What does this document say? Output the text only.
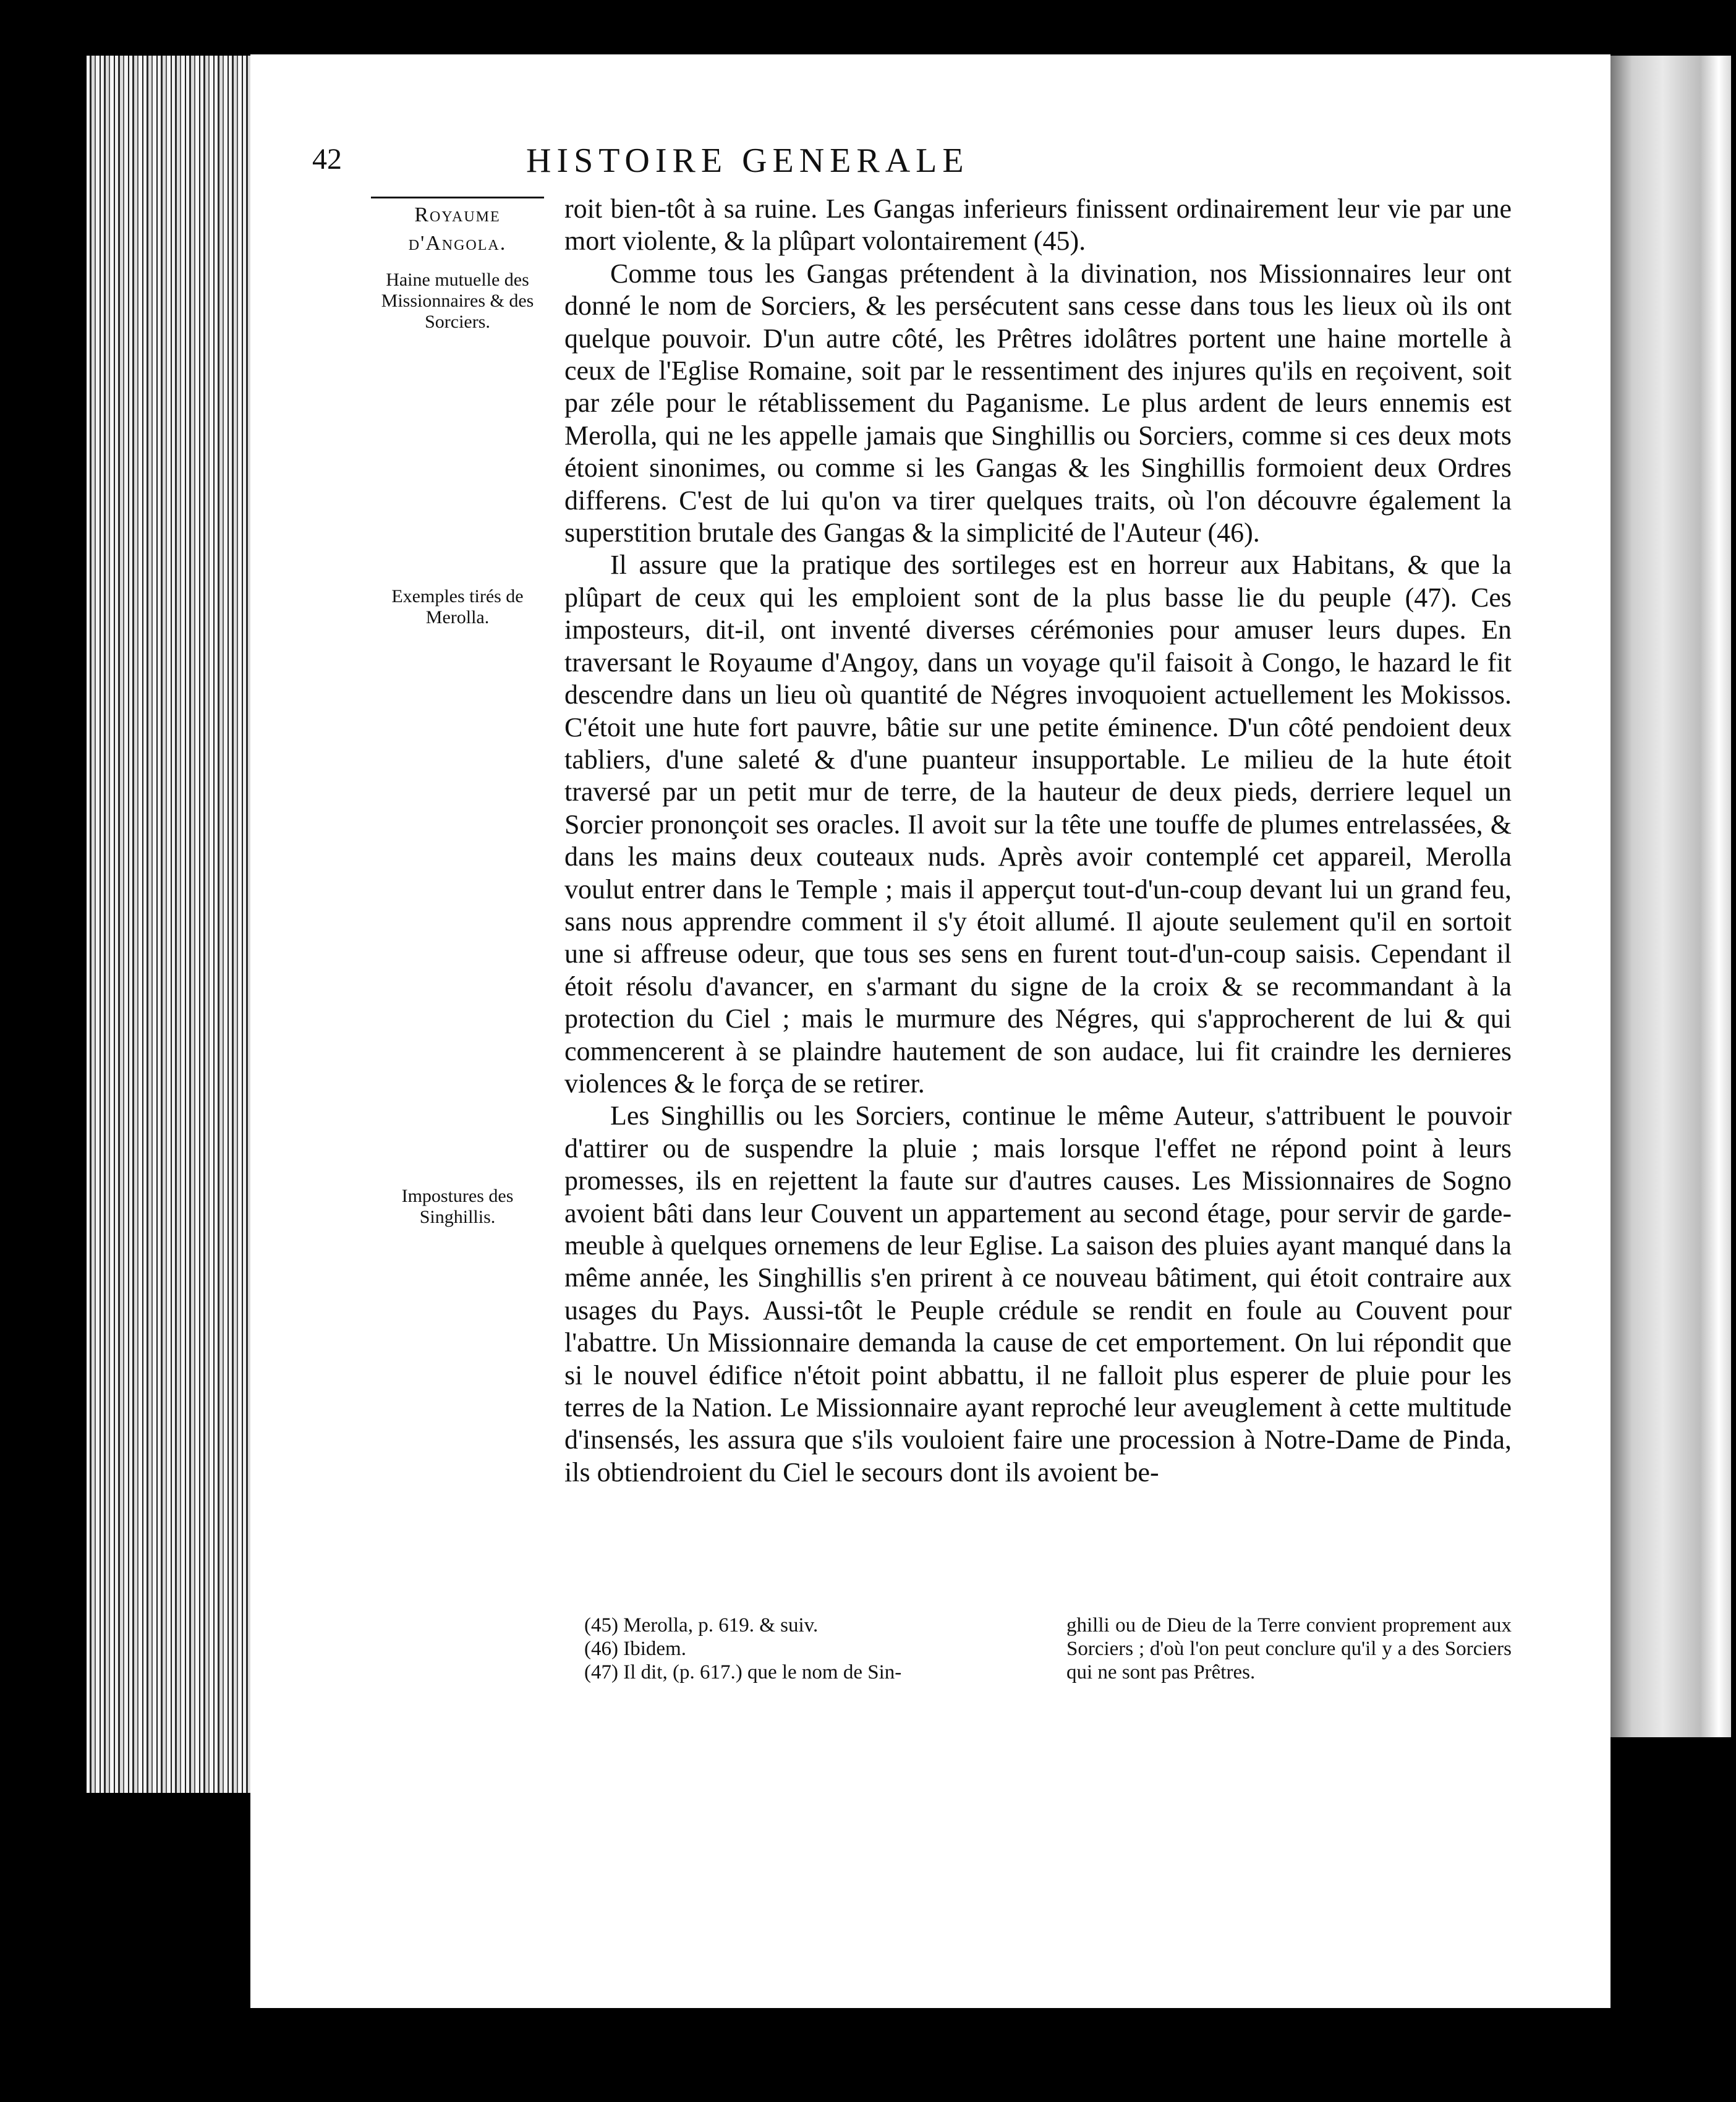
42	HISTOIRE GENERALE
Royaume d'Angola.
Haine mutuelle des Missionnaires & des Sorciers.
Exemples tirés de Merolla.
Impostures des Singhillis.

roit bien-tôt à sa ruine. Les Gangas inferieurs finissent ordinairement leur vie par une mort violente, & la plûpart volontairement (45).

Comme tous les Gangas prétendent à la divination, nos Missionnaires leur ont donné le nom de Sorciers, & les persécutent sans cesse dans tous les lieux où ils ont quelque pouvoir. D'un autre côté, les Prêtres idolâtres portent une haine mortelle à ceux de l'Eglise Romaine, soit par le ressentiment des injures qu'ils en reçoivent, soit par zéle pour le rétablissement du Paganisme. Le plus ardent de leurs ennemis est Merolla, qui ne les appelle jamais que Singhillis ou Sorciers, comme si ces deux mots étoient sinonimes, ou comme si les Gangas & les Singhillis formoient deux Ordres differens. C'est de lui qu'on va tirer quelques traits, où l'on découvre également la superstition brutale des Gangas & la simplicité de l'Auteur (46).

Il assure que la pratique des sortileges est en horreur aux Habitans, & que la plûpart de ceux qui les emploient sont de la plus basse lie du peuple (47). Ces imposteurs, dit-il, ont inventé diverses cérémonies pour amuser leurs dupes. En traversant le Royaume d'Angoy, dans un voyage qu'il faisoit à Congo, le hazard le fit descendre dans un lieu où quantité de Négres invoquoient actuellement les Mokissos. C'étoit une hute fort pauvre, bâtie sur une petite éminence. D'un côté pendoient deux tabliers, d'une saleté & d'une puanteur insupportable. Le milieu de la hute étoit traversé par un petit mur de terre, de la hauteur de deux pieds, derriere lequel un Sorcier prononçoit ses oracles. Il avoit sur la tête une touffe de plumes entrelassées, & dans les mains deux couteaux nuds. Après avoir contemplé cet appareil, Merolla voulut entrer dans le Temple ; mais il apperçut tout-d'un-coup devant lui un grand feu, sans nous apprendre comment il s'y étoit allumé. Il ajoute seulement qu'il en sortoit une si affreuse odeur, que tous ses sens en furent tout-d'un-coup saisis. Cependant il étoit résolu d'avancer, en s'armant du signe de la croix & se recommandant à la protection du Ciel ; mais le murmure des Négres, qui s'approcherent de lui & qui commencerent à se plaindre hautement de son audace, lui fit craindre les dernieres violences & le força de se retirer.

Les Singhillis ou les Sorciers, continue le même Auteur, s'attribuent le pouvoir d'attirer ou de suspendre la pluie ; mais lorsque l'effet ne répond point à leurs promesses, ils en rejettent la faute sur d'autres causes. Les Missionnaires de Sogno avoient bâti dans leur Couvent un appartement au second étage, pour servir de garde-meuble à quelques ornemens de leur Eglise. La saison des pluies ayant manqué dans la même année, les Singhillis s'en prirent à ce nouveau bâtiment, qui étoit contraire aux usages du Pays. Aussi-tôt le Peuple crédule se rendit en foule au Couvent pour l'abattre. Un Missionnaire demanda la cause de cet emportement. On lui répondit que si le nouvel édifice n'étoit point abbattu, il ne falloit plus esperer de pluie pour les terres de la Nation. Le Missionnaire ayant reproché leur aveuglement à cette multitude d'insensés, les assura que s'ils vouloient faire une procession à Notre-Dame de Pinda, ils obtiendroient du Ciel le secours dont ils avoient be-

(45) Merolla, p. 619. & suiv.

(46) Ibidem.

(47) Il dit, (p. 617.) que le nom de Sin-

ghilli ou de Dieu de la Terre convient proprement aux Sorciers ; d'où l'on peut conclure qu'il y a des Sorciers qui ne sont pas Prêtres.
